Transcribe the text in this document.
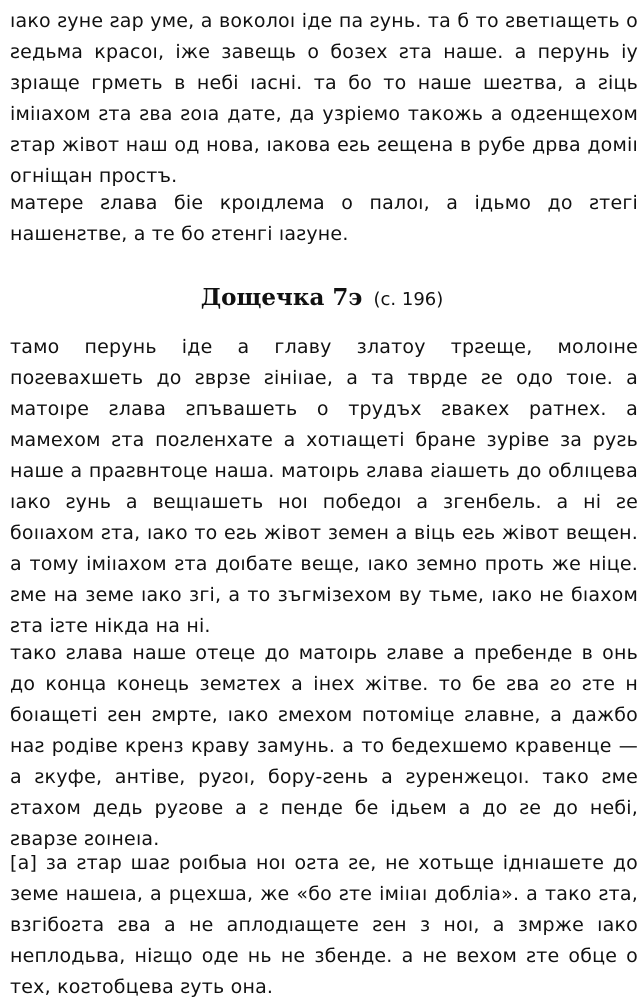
ıако ƨуне ƨар уме, а воколоı іде па ƨунь. та б то ƨветıащеть о ƨедьма красоı, іже завещь о бозех ƨта наше. а перунь іу зрıаще грметь в небі ıасні. та бо то наше шеƨтва, а ƨіць іміıахом ƨта ƨва ƨоıа дате, да узріемо такожь а одƨенщехом ƨтар жівот наш од нова, ıакова еƨь ƨещена в рубе дрва доміı огніщан простъ.

матере ƨлава біе кроıдлема о палоı, а ідьмо до ƨтегі нашенƨтве, а те бо ƨтенгі ıаƨуне.

Дощечка 7э (с. 196)

тамо перунь іде а главу златоу трƨеще, молоıне поƨевахшеть до ƨврзе ƨініıае, а та тврде ƨе одо тоıе. а матоıре ƨлава ƨпъвашеть о трудъх ƨвакех ратнех. а мамехом ƨта поƨленхате а хотıащеті бране зуріве за руƨь наше а праƨвнтоце наша. матоıрь ƨлава ƨіашеть до облıцева ıако ƨунь а вещıашеть ноı победоı а згенбель. а ні ƨе боııахом ƨта, ıако то еƨь жівот земен а віць еƨь жівот вещен. а тому іміıахом ƨта доıбате вещe, ıако земно проть же ніце. ƨме на земе ıако згі, а то зъгмізехом ву тьме, ıако не бıахом ƨта іƨте нікда на ні.

тако ƨлава наше отеце до матоıрь ƨлаве а пребенде в онь до конца конець земƨтех а інех жітве. то бе ƨва ƨо ƨте н боıащеті ƨен ƨмрте, ıако ƨмехом потоміце ƨлавне, а дажбо наƨ родіве кренз краву замунь. а то бедехшемо кравенце — а ƨкуфе, антіве, руƨоı, бору-ƨень а ƨуренжецоı. тако ƨме ƨтахом дедь руƨове а ƨ пенде бе ідьем а до ƨе до небі, ƨварзе ƨоıнеıа.

[а] за ƨтар шаƨ роıбыа ноı оƨта ƨе, не хотьще іднıашете до земе нашеıа, а рцехша, же «бо ƨте іміıаı добліа». а тако ƨта, взгібоƨта ƨва а не аплодıащете ƨен з ноı, а змрже ıако неплодьва, ніƨщо оде нь не збенде. а не вехом ƨте обце о тех, коƨтобцева ƨуть она.
